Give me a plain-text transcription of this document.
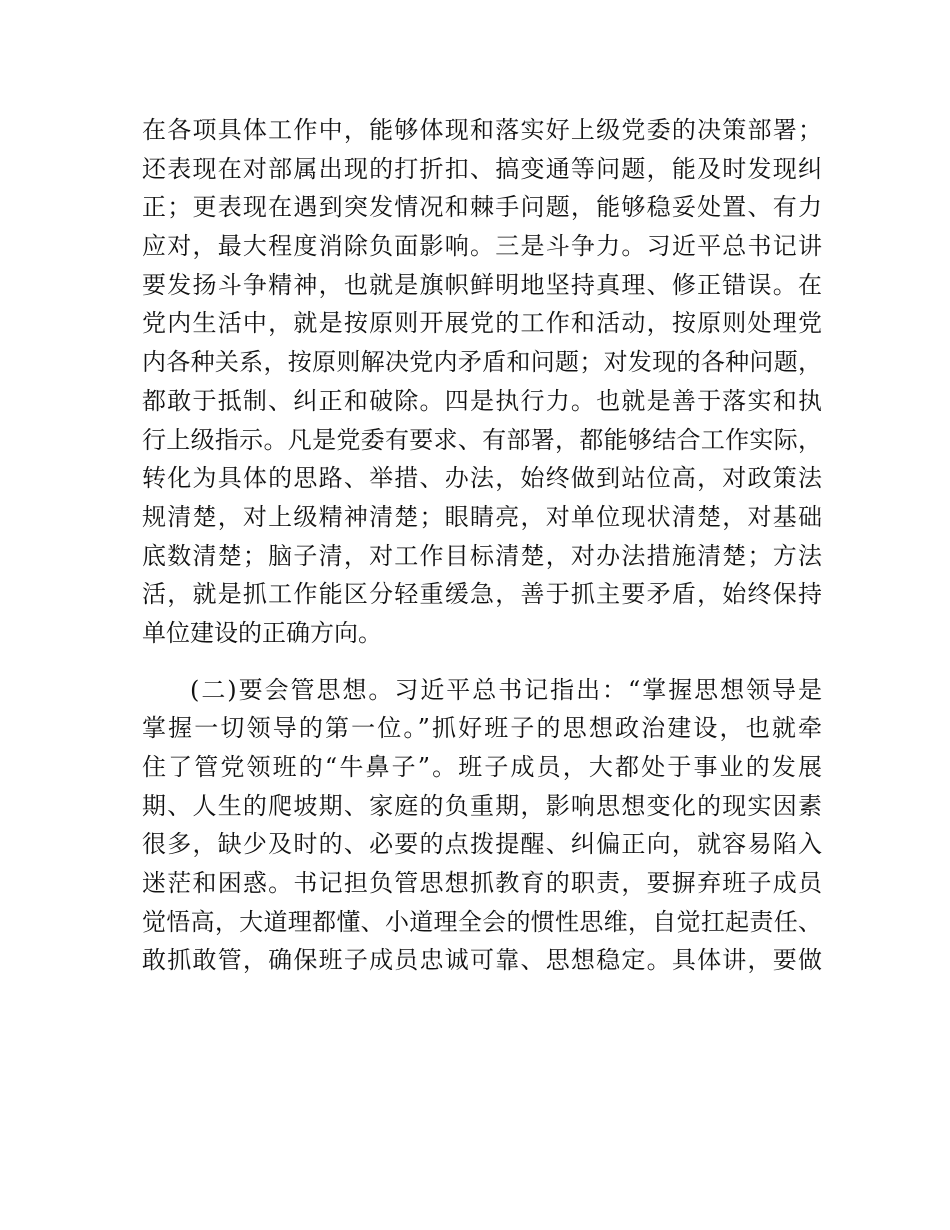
在各项具体工作中，能够体现和落实好上级党委的决策部署；
还表现在对部属出现的打折扣、搞变通等问题，能及时发现纠
正；更表现在遇到突发情况和棘手问题，能够稳妥处置、有力
应对，最大程度消除负面影响。三是斗争力。习近平总书记讲
要发扬斗争精神，也就是旗帜鲜明地坚持真理、修正错误。在
党内生活中，就是按原则开展党的工作和活动，按原则处理党
内各种关系，按原则解决党内矛盾和问题；对发现的各种问题，
都敢于抵制、纠正和破除。四是执行力。也就是善于落实和执
行上级指示。凡是党委有要求、有部署，都能够结合工作实际，
转化为具体的思路、举措、办法，始终做到站位高，对政策法
规清楚，对上级精神清楚；眼睛亮，对单位现状清楚，对基础
底数清楚；脑子清，对工作目标清楚，对办法措施清楚；方法
活，就是抓工作能区分轻重缓急，善于抓主要矛盾，始终保持
单位建设的正确方向。
(二)要会管思想。习近平总书记指出：“掌握思想领导是
掌握一切领导的第一位。”抓好班子的思想政治建设，也就牵
住了管党领班的“牛鼻子”。班子成员，大都处于事业的发展
期、人生的爬坡期、家庭的负重期，影响思想变化的现实因素
很多，缺少及时的、必要的点拨提醒、纠偏正向，就容易陷入
迷茫和困惑。书记担负管思想抓教育的职责，要摒弃班子成员
觉悟高，大道理都懂、小道理全会的惯性思维，自觉扛起责任、
敢抓敢管，确保班子成员忠诚可靠、思想稳定。具体讲，要做
